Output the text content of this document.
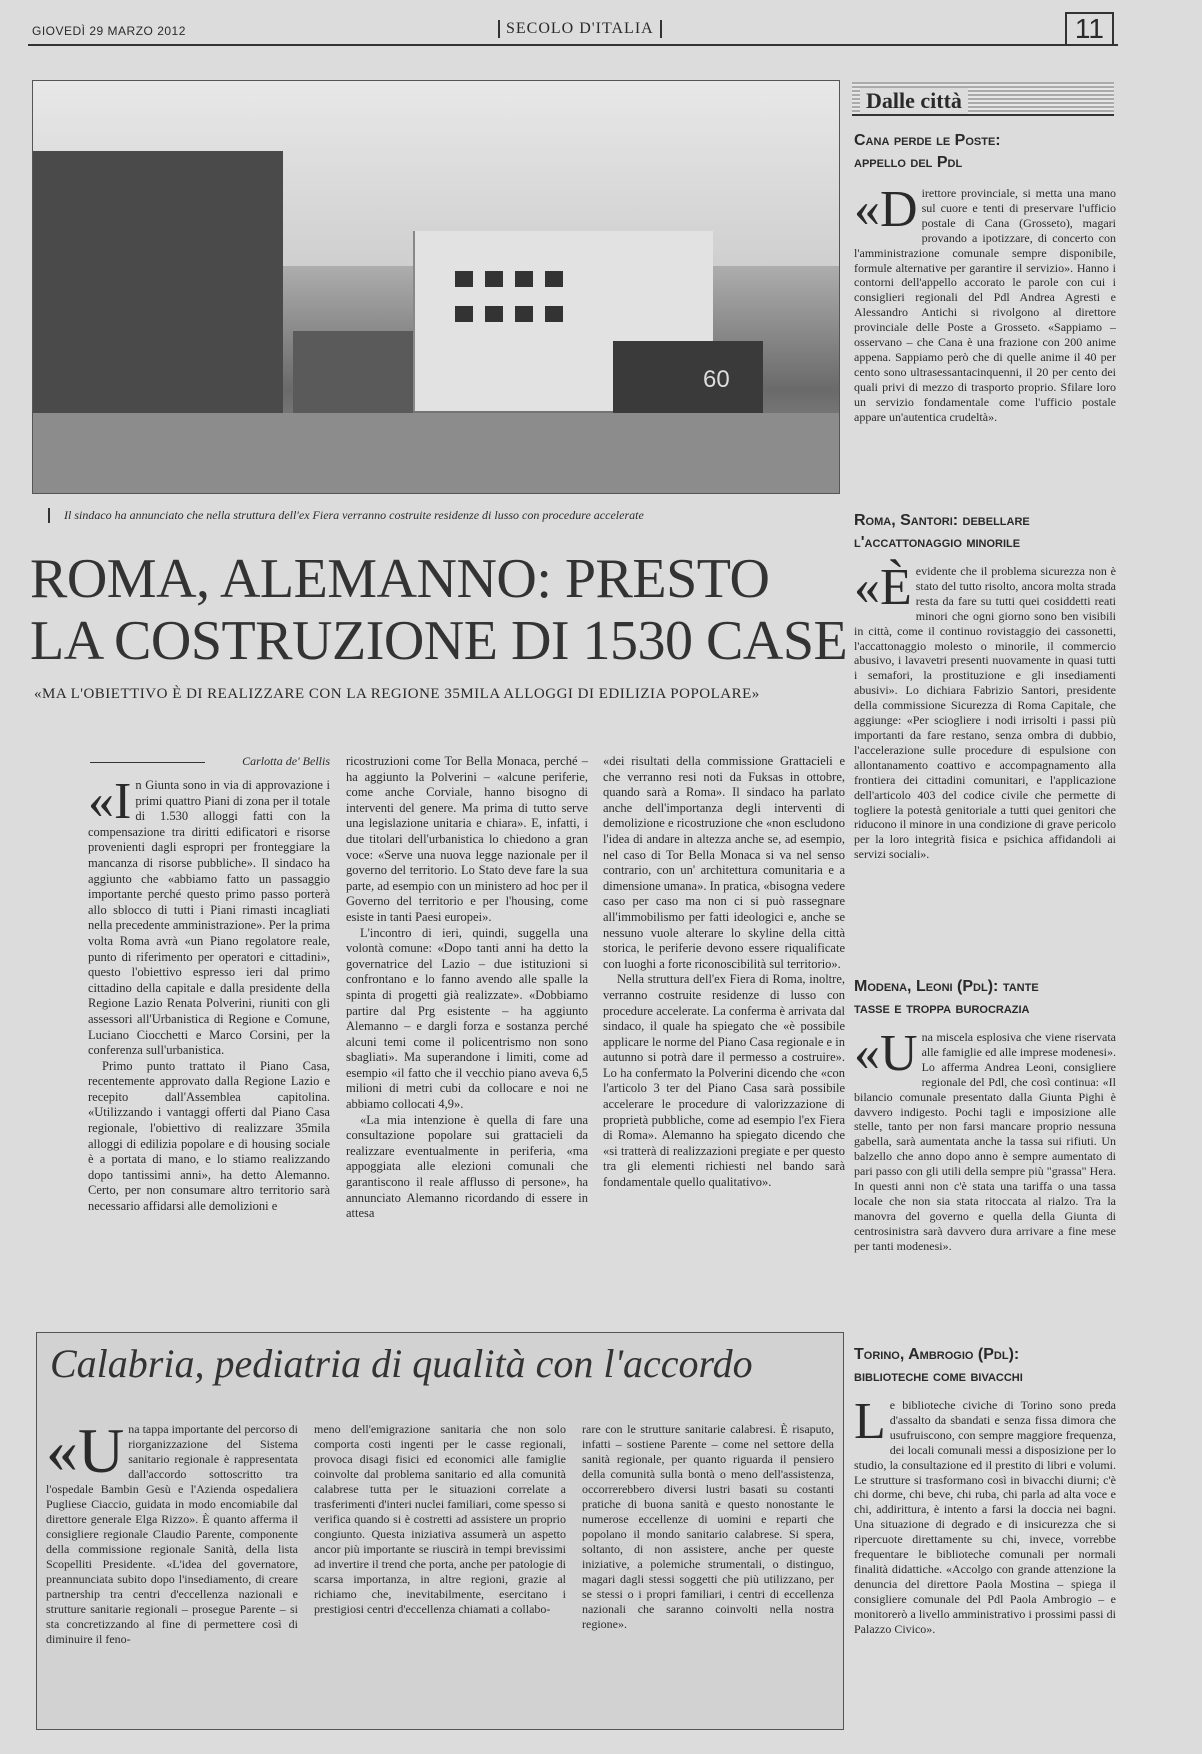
GIOVEDÌ 29 MARZO 2012	SECOLO D'ITALIA	11
60
Il sindaco ha annunciato che nella struttura dell'ex Fiera verranno costruite residenze di lusso con procedure accelerate
ROMA, ALEMANNO: PRESTO
LA COSTRUZIONE DI 1530 CASE
«MA L'OBIETTIVO È DI REALIZZARE CON LA REGIONE 35MILA ALLOGGI DI EDILIZIA POPOLARE»
Carlotta de' Bellis

«I n Giunta sono in via di approvazione i primi quattro Piani di zona per il totale di 1.530 alloggi fatti con la compensazione tra diritti edificatori e risorse provenienti dagli espropri per fronteggiare la mancanza di risorse pubbliche». Il sindaco ha aggiunto che «abbiamo fatto un passaggio importante perché questo primo passo porterà allo sblocco di tutti i Piani rimasti incagliati nella precedente amministrazione». Per la prima volta Roma avrà «un Piano regolatore reale, punto di riferimento per operatori e cittadini», questo l'obiettivo espresso ieri dal primo cittadino della capitale e dalla presidente della Regione Lazio Renata Polverini, riuniti con gli assessori all'Urbanistica di Regione e Comune, Luciano Ciocchetti e Marco Corsini, per la conferenza sull'urbanistica.

Primo punto trattato il Piano Casa, recentemente approvato dalla Regione Lazio e recepito dall'Assemblea capitolina. «Utilizzando i vantaggi offerti dal Piano Casa regionale, l'obiettivo di realizzare 35mila alloggi di edilizia popolare e di housing sociale è a portata di mano, e lo stiamo realizzando dopo tantissimi anni», ha detto Alemanno. Certo, per non consumare altro territorio sarà necessario affidarsi alle demolizioni e

ricostruzioni come Tor Bella Monaca, perché – ha aggiunto la Polverini – «alcune periferie, come anche Corviale, hanno bisogno di interventi del genere. Ma prima di tutto serve una legislazione unitaria e chiara». E, infatti, i due titolari dell'urbanistica lo chiedono a gran voce: «Serve una nuova legge nazionale per il governo del territorio. Lo Stato deve fare la sua parte, ad esempio con un ministero ad hoc per il Governo del territorio e per l'housing, come esiste in tanti Paesi europei».

L'incontro di ieri, quindi, suggella una volontà comune: «Dopo tanti anni ha detto la governatrice del Lazio – due istituzioni si confrontano e lo fanno avendo alle spalle la spinta di progetti già realizzate». «Dobbiamo partire dal Prg esistente – ha aggiunto Alemanno – e dargli forza e sostanza perché alcuni temi come il policentrismo non sono sbagliati». Ma superandone i limiti, come ad esempio «il fatto che il vecchio piano aveva 6,5 milioni di metri cubi da collocare e noi ne abbiamo collocati 4,9».

«La mia intenzione è quella di fare una consultazione popolare sui grattacieli da realizzare eventualmente in periferia, «ma appoggiata alle elezioni comunali che garantiscono il reale afflusso di persone», ha annunciato Alemanno ricordando di essere in attesa

«dei risultati della commissione Grattacieli e che verranno resi noti da Fuksas in ottobre, quando sarà a Roma». Il sindaco ha parlato anche dell'importanza degli interventi di demolizione e ricostruzione che «non escludono l'idea di andare in altezza anche se, ad esempio, nel caso di Tor Bella Monaca si va nel senso contrario, con un' architettura comunitaria e a dimensione umana». In pratica, «bisogna vedere caso per caso ma non ci si può rassegnare all'immobilismo per fatti ideologici e, anche se nessuno vuole alterare lo skyline della città storica, le periferie devono essere riqualificate con luoghi a forte riconoscibilità sul territorio».

Nella struttura dell'ex Fiera di Roma, inoltre, verranno costruite residenze di lusso con procedure accelerate. La conferma è arrivata dal sindaco, il quale ha spiegato che «è possibile applicare le norme del Piano Casa regionale e in autunno si potrà dare il permesso a costruire». Lo ha confermato la Polverini dicendo che «con l'articolo 3 ter del Piano Casa sarà possibile accelerare le procedure di valorizzazione di proprietà pubbliche, come ad esempio l'ex Fiera di Roma». Alemanno ha spiegato dicendo che «si tratterà di realizzazioni pregiate e per questo tra gli elementi richiesti nel bando sarà fondamentale quello qualitativo».

Dalle città
Cana perde le Poste:
appello del Pdl

«D irettore provinciale, si metta una mano sul cuore e tenti di preservare l'ufficio postale di Cana (Grosseto), magari provando a ipotizzare, di concerto con l'amministrazione comunale sempre disponibile, formule alternative per garantire il servizio». Hanno i contorni dell'appello accorato le parole con cui i consiglieri regionali del Pdl Andrea Agresti e Alessandro Antichi si rivolgono al direttore provinciale delle Poste a Grosseto. «Sappiamo – osservano – che Cana è una frazione con 200 anime appena. Sappiamo però che di quelle anime il 40 per cento sono ultrasessantacinquenni, il 20 per cento dei quali privi di mezzo di trasporto proprio. Sfilare loro un servizio fondamentale come l'ufficio postale appare un'autentica crudeltà».

Roma, Santori: debellare
l'accattonaggio minorile

«È evidente che il problema sicurezza non è stato del tutto risolto, ancora molta strada resta da fare su tutti quei cosiddetti reati minori che ogni giorno sono ben visibili in città, come il continuo rovistaggio dei cassonetti, l'accattonaggio molesto o minorile, il commercio abusivo, i lavavetri presenti nuovamente in quasi tutti i semafori, la prostituzione e gli insediamenti abusivi». Lo dichiara Fabrizio Santori, presidente della commissione Sicurezza di Roma Capitale, che aggiunge: «Per sciogliere i nodi irrisolti i passi più importanti da fare restano, senza ombra di dubbio, l'accelerazione sulle procedure di espulsione con allontanamento coattivo e accompagnamento alla frontiera dei cittadini comunitari, e l'applicazione dell'articolo 403 del codice civile che permette di togliere la potestà genitoriale a tutti quei genitori che riducono il minore in una condizione di grave pericolo per la loro integrità fisica e psichica affidandoli ai servizi sociali».

Modena, Leoni (Pdl): tante
tasse e troppa burocrazia

«U na miscela esplosiva che viene riservata alle famiglie ed alle imprese modenesi». Lo afferma Andrea Leoni, consigliere regionale del Pdl, che così continua: «Il bilancio comunale presentato dalla Giunta Pighi è davvero indigesto. Pochi tagli e imposizione alle stelle, tanto per non farsi mancare proprio nessuna gabella, sarà aumentata anche la tassa sui rifiuti. Un balzello che anno dopo anno è sempre aumentato di pari passo con gli utili della sempre più "grassa" Hera. In questi anni non c'è stata una tariffa o una tassa locale che non sia stata ritoccata al rialzo. Tra la manovra del governo e quella della Giunta di centrosinistra sarà davvero dura arrivare a fine mese per tanti modenesi».

Torino, Ambrogio (Pdl):
biblioteche come bivacchi

Le biblioteche civiche di Torino sono preda d'assalto da sbandati e senza fissa dimora che usufruiscono, con sempre maggiore frequenza, dei locali comunali messi a disposizione per lo studio, la consultazione ed il prestito di libri e volumi. Le strutture si trasformano così in bivacchi diurni; c'è chi dorme, chi beve, chi ruba, chi parla ad alta voce e chi, addirittura, è intento a farsi la doccia nei bagni. Una situazione di degrado e di insicurezza che si ripercuote direttamente su chi, invece, vorrebbe frequentare le biblioteche comunali per normali finalità didattiche. «Accolgo con grande attenzione la denuncia del direttore Paola Mostina – spiega il consigliere comunale del Pdl Paola Ambrogio – e monitorerò a livello amministrativo i prossimi passi di Palazzo Civico».

Calabria, pediatria di qualità con l'accordo

«U na tappa importante del percorso di riorganizzazione del Sistema sanitario regionale è rappresentata dall'accordo sottoscritto tra l'ospedale Bambin Gesù e l'Azienda ospedaliera Pugliese Ciaccio, guidata in modo encomiabile dal direttore generale Elga Rizzo». È quanto afferma il consigliere regionale Claudio Parente, componente della commissione regionale Sanità, della lista Scopelliti Presidente. «L'idea del governatore, preannunciata subito dopo l'insediamento, di creare partnership tra centri d'eccellenza nazionali e strutture sanitarie regionali – prosegue Parente – si sta concretizzando al fine di permettere così di diminuire il feno-

meno dell'emigrazione sanitaria che non solo comporta costi ingenti per le casse regionali, provoca disagi fisici ed economici alle famiglie coinvolte dal problema sanitario ed alla comunità calabrese tutta per le situazioni correlate a trasferimenti d'interi nuclei familiari, come spesso si verifica quando si è costretti ad assistere un proprio congiunto. Questa iniziativa assumerà un aspetto ancor più importante se riuscirà in tempi brevissimi ad invertire il trend che porta, anche per patologie di scarsa importanza, in altre regioni, grazie al richiamo che, inevitabilmente, esercitano i prestigiosi centri d'eccellenza chiamati a collabo-

rare con le strutture sanitarie calabresi. È risaputo, infatti – sostiene Parente – come nel settore della sanità regionale, per quanto riguarda il pensiero della comunità sulla bontà o meno dell'assistenza, occorrerebbero diversi lustri basati su costanti pratiche di buona sanità e questo nonostante le numerose eccellenze di uomini e reparti che popolano il mondo sanitario calabrese. Si spera, soltanto, di non assistere, anche per queste iniziative, a polemiche strumentali, o distinguo, magari dagli stessi soggetti che più utilizzano, per se stessi o i propri familiari, i centri di eccellenza nazionali che saranno coinvolti nella nostra regione».
